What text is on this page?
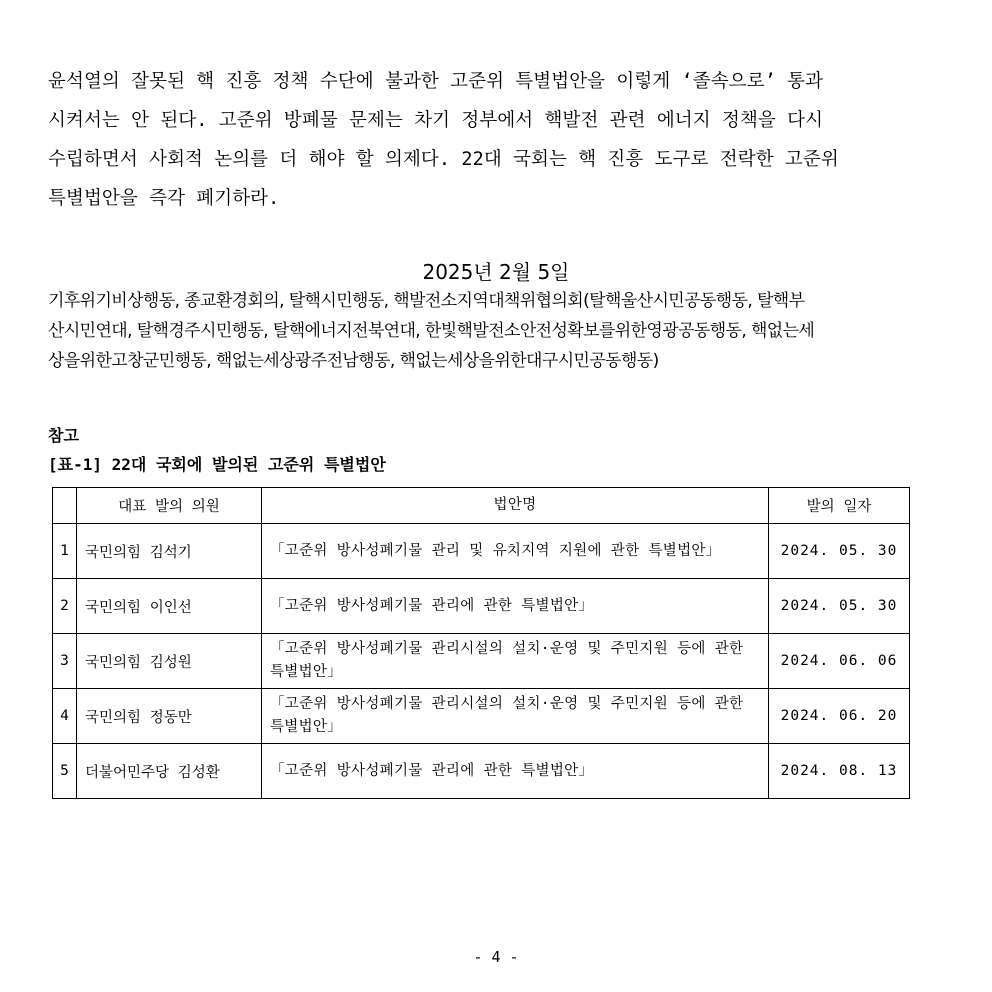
윤석열의 잘못된 핵 진흥 정책 수단에 불과한 고준위 특별법안을 이렇게 ‘졸속으로’ 통과
시켜서는 안 된다. 고준위 방폐물 문제는 차기 정부에서 핵발전 관련 에너지 정책을 다시
수립하면서 사회적 논의를 더 해야 할 의제다. 22대 국회는 핵 진흥 도구로 전락한 고준위
특별법안을 즉각 폐기하라.
2025년 2월 5일
기후위기비상행동, 종교환경회의, 탈핵시민행동, 핵발전소지역대책위협의회(탈핵울산시민공동행동, 탈핵부
산시민연대, 탈핵경주시민행동, 탈핵에너지전북연대, 한빛핵발전소안전성확보를위한영광공동행동, 핵없는세
상을위한고창군민행동, 핵없는세상광주전남행동, 핵없는세상을위한대구시민공동행동)
참고
[표-1] 22대 국회에 발의된 고준위 특별법안
	대표 발의 의원	법안명	발의 일자
1	국민의힘 김석기	「고준위 방사성폐기물 관리 및 유치지역 지원에 관한 특별법안」	2024. 05. 30
2	국민의힘 이인선	「고준위 방사성폐기물 관리에 관한 특별법안」	2024. 05. 30
3	국민의힘 김성원	「고준위 방사성폐기물 관리시설의 설치·운영 및 주민지원 등에 관한 특별법안」	2024. 06. 06
4	국민의힘 정동만	「고준위 방사성폐기물 관리시설의 설치·운영 및 주민지원 등에 관한 특별법안」	2024. 06. 20
5	더불어민주당 김성환	「고준위 방사성폐기물 관리에 관한 특별법안」	2024. 08. 13
- 4 -
